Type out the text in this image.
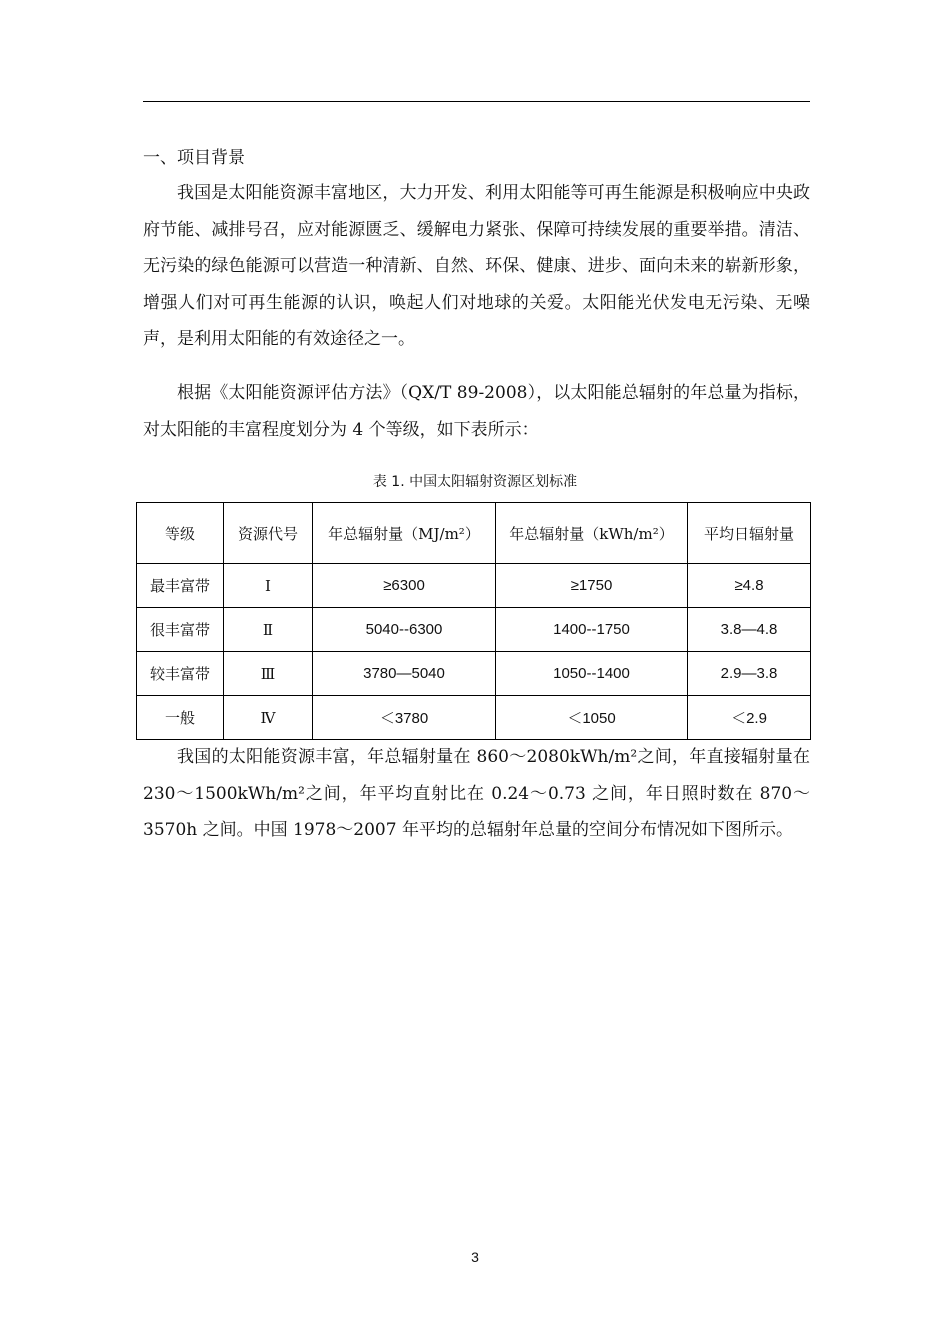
一、项目背景

我国是太阳能资源丰富地区，大力开发、利用太阳能等可再生能源是积极响应中央政府节能、减排号召，应对能源匮乏、缓解电力紧张、保障可持续发展的重要举措。清洁、无污染的绿色能源可以营造一种清新、自然、环保、健康、进步、面向未来的崭新形象，增强人们对可再生能源的认识，唤起人们对地球的关爱。太阳能光伏发电无污染、无噪声，是利用太阳能的有效途径之一。

根据《太阳能资源评估方法》（QX/T 89-2008），以太阳能总辐射的年总量为指标，对太阳能的丰富程度划分为 4 个等级，如下表所示：

表 1. 中国太阳辐射资源区划标准
等级	资源代号	年总辐射量（MJ/m²）	年总辐射量（kWh/m²）	平均日辐射量
最丰富带	Ⅰ	≥6300	≥1750	≥4.8
很丰富带	Ⅱ	5040--6300	1400--1750	3.8—4.8
较丰富带	Ⅲ	3780—5040	1050--1400	2.9—3.8
一般	Ⅳ	＜3780	＜1050	＜2.9

我国的太阳能资源丰富，年总辐射量在 860～2080kWh/m²之间，年直接辐射量在 230～1500kWh/m²之间，年平均直射比在 0.24～0.73 之间，年日照时数在 870～3570h 之间。中国 1978～2007 年平均的总辐射年总量的空间分布情况如下图所示。

3
